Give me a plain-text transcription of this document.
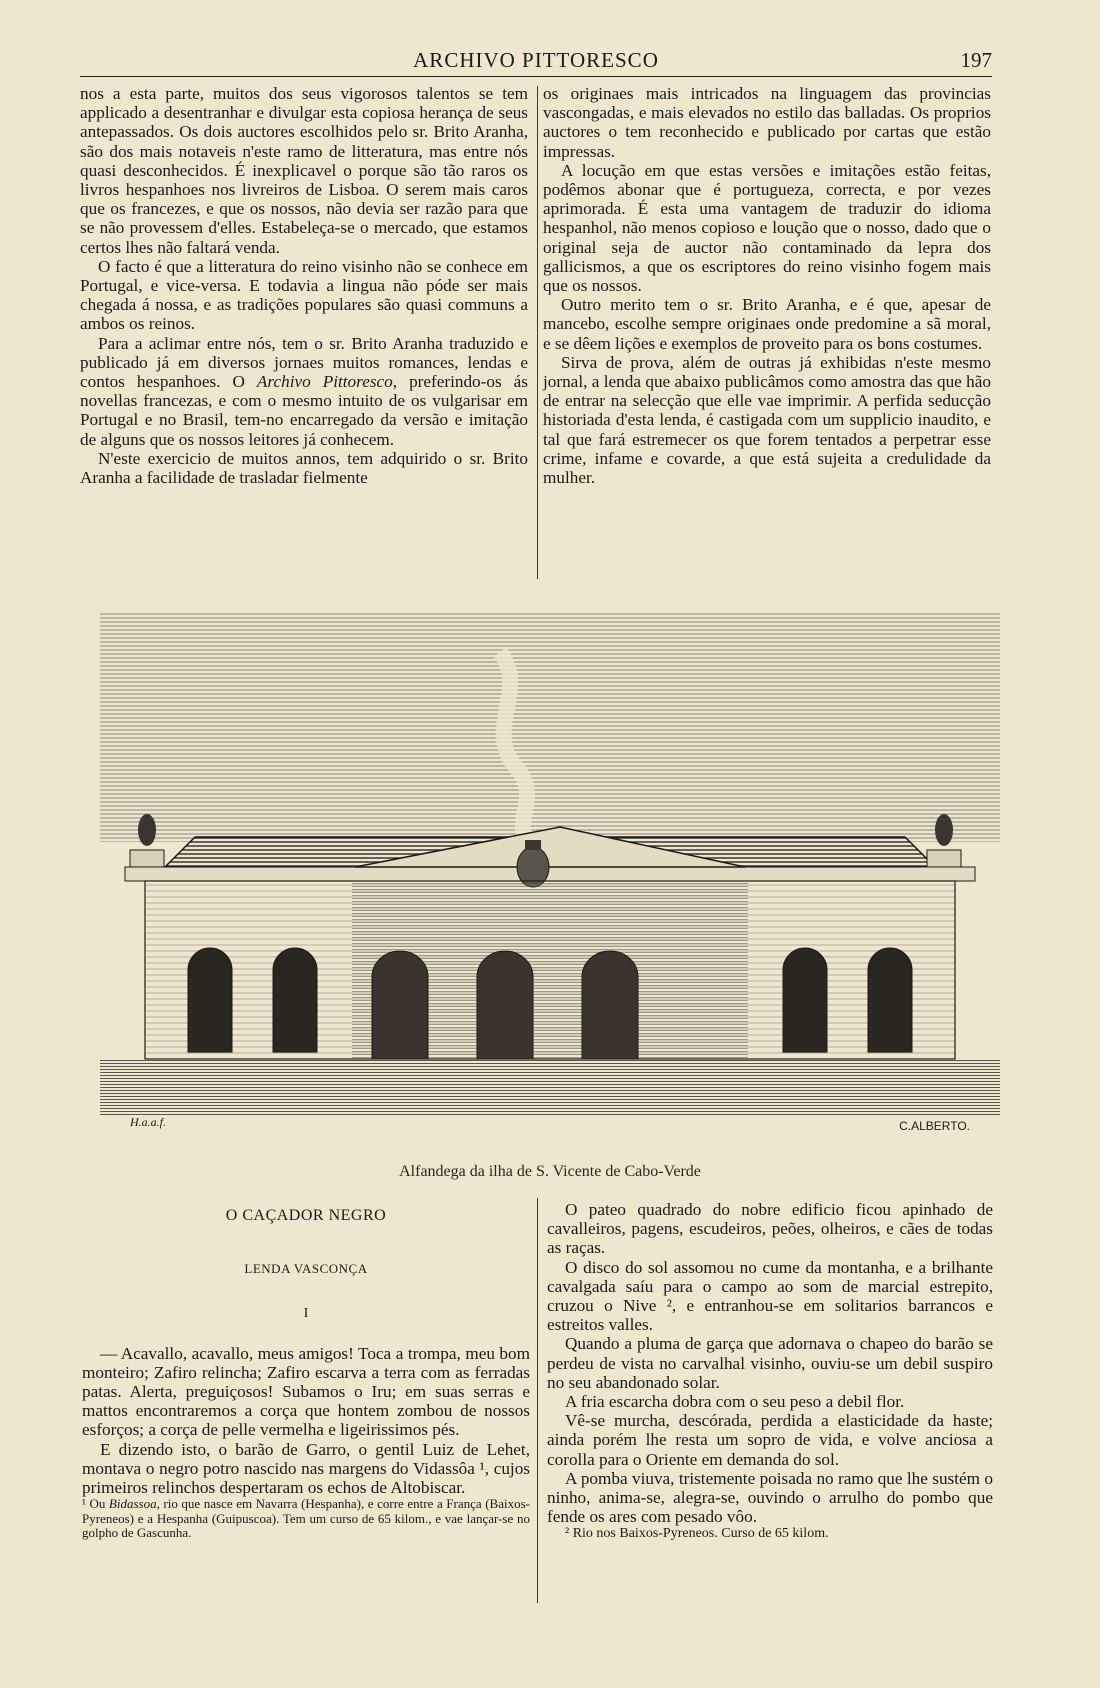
ARCHIVO PITTORESCO	197

nos a esta parte, muitos dos seus vigorosos talentos se tem applicado a desentranhar e divulgar esta copiosa herança de seus antepassados. Os dois auctores escolhidos pelo sr. Brito Aranha, são dos mais notaveis n'este ramo de litteratura, mas entre nós quasi desconhecidos. É inexplicavel o porque são tão raros os livros hespanhoes nos livreiros de Lisboa. O serem mais caros que os francezes, e que os nossos, não devia ser razão para que se não provessem d'elles. Estabeleça-se o mercado, que estamos certos lhes não faltará venda.

O facto é que a litteratura do reino visinho não se conhece em Portugal, e vice-versa. E todavia a lingua não póde ser mais chegada á nossa, e as tradições populares são quasi communs a ambos os reinos.

Para a aclimar entre nós, tem o sr. Brito Aranha traduzido e publicado já em diversos jornaes muitos romances, lendas e contos hespanhoes. O Archivo Pittoresco, preferindo-os ás novellas francezas, e com o mesmo intuito de os vulgarisar em Portugal e no Brasil, tem-no encarregado da versão e imitação de alguns que os nossos leitores já conhecem.

N'este exercicio de muitos annos, tem adquirido o sr. Brito Aranha a facilidade de trasladar fielmente

os originaes mais intricados na linguagem das provincias vascongadas, e mais elevados no estilo das balladas. Os proprios auctores o tem reconhecido e publicado por cartas que estão impressas.

A locução em que estas versões e imitações estão feitas, podêmos abonar que é portugueza, correcta, e por vezes aprimorada. É esta uma vantagem de traduzir do idioma hespanhol, não menos copioso e loução que o nosso, dado que o original seja de auctor não contaminado da lepra dos gallicismos, a que os escriptores do reino visinho fogem mais que os nossos.

Outro merito tem o sr. Brito Aranha, e é que, apesar de mancebo, escolhe sempre originaes onde predomine a sã moral, e se dêem lições e exemplos de proveito para os bons costumes.

Sirva de prova, além de outras já exhibidas n'este mesmo jornal, a lenda que abaixo publicâmos como amostra das que hão de entrar na selecção que elle vae imprimir. A perfida seducção historiada d'esta lenda, é castigada com um supplicio inaudito, e tal que fará estremecer os que forem tentados a perpetrar esse crime, infame e covarde, a que está sujeita a credulidade da mulher.

H.a.a.f.	C.ALBERTO.
Alfandega da ilha de S. Vicente de Cabo-Verde
O CAÇADOR NEGRO
LENDA VASCONÇA
I

— Acavallo, acavallo, meus amigos! Toca a trompa, meu bom monteiro; Zafiro relincha; Zafiro escarva a terra com as ferradas patas. Alerta, preguiçosos! Subamos o Iru; em suas serras e mattos encontraremos a corça que hontem zombou de nossos esforços; a corça de pelle vermelha e ligeirissimos pés.

E dizendo isto, o barão de Garro, o gentil Luiz de Lehet, montava o negro potro nascido nas margens do Vidassôa ¹, cujos primeiros relinchos despertaram os echos de Altobiscar.

¹ Ou Bidassoa, rio que nasce em Navarra (Hespanha), e corre entre a França (Baixos-Pyreneos) e a Hespanha (Guipuscoa). Tem um curso de 65 kilom., e vae lançar-se no golpho de Gascunha.

O pateo quadrado do nobre edificio ficou apinhado de cavalleiros, pagens, escudeiros, peões, olheiros, e cães de todas as raças.

O disco do sol assomou no cume da montanha, e a brilhante cavalgada saíu para o campo ao som de marcial estrepito, cruzou o Nive ², e entranhou-se em solitarios barrancos e estreitos valles.

Quando a pluma de garça que adornava o chapeo do barão se perdeu de vista no carvalhal visinho, ouviu-se um debil suspiro no seu abandonado solar.

A fria escarcha dobra com o seu peso a debil flor.

Vê-se murcha, descórada, perdida a elasticidade da haste; ainda porém lhe resta um sopro de vida, e volve anciosa a corolla para o Oriente em demanda do sol.

A pomba viuva, tristemente poisada no ramo que lhe sustém o ninho, anima-se, alegra-se, ouvindo o arrulho do pombo que fende os ares com pesado vôo.

² Rio nos Baixos-Pyreneos. Curso de 65 kilom.
